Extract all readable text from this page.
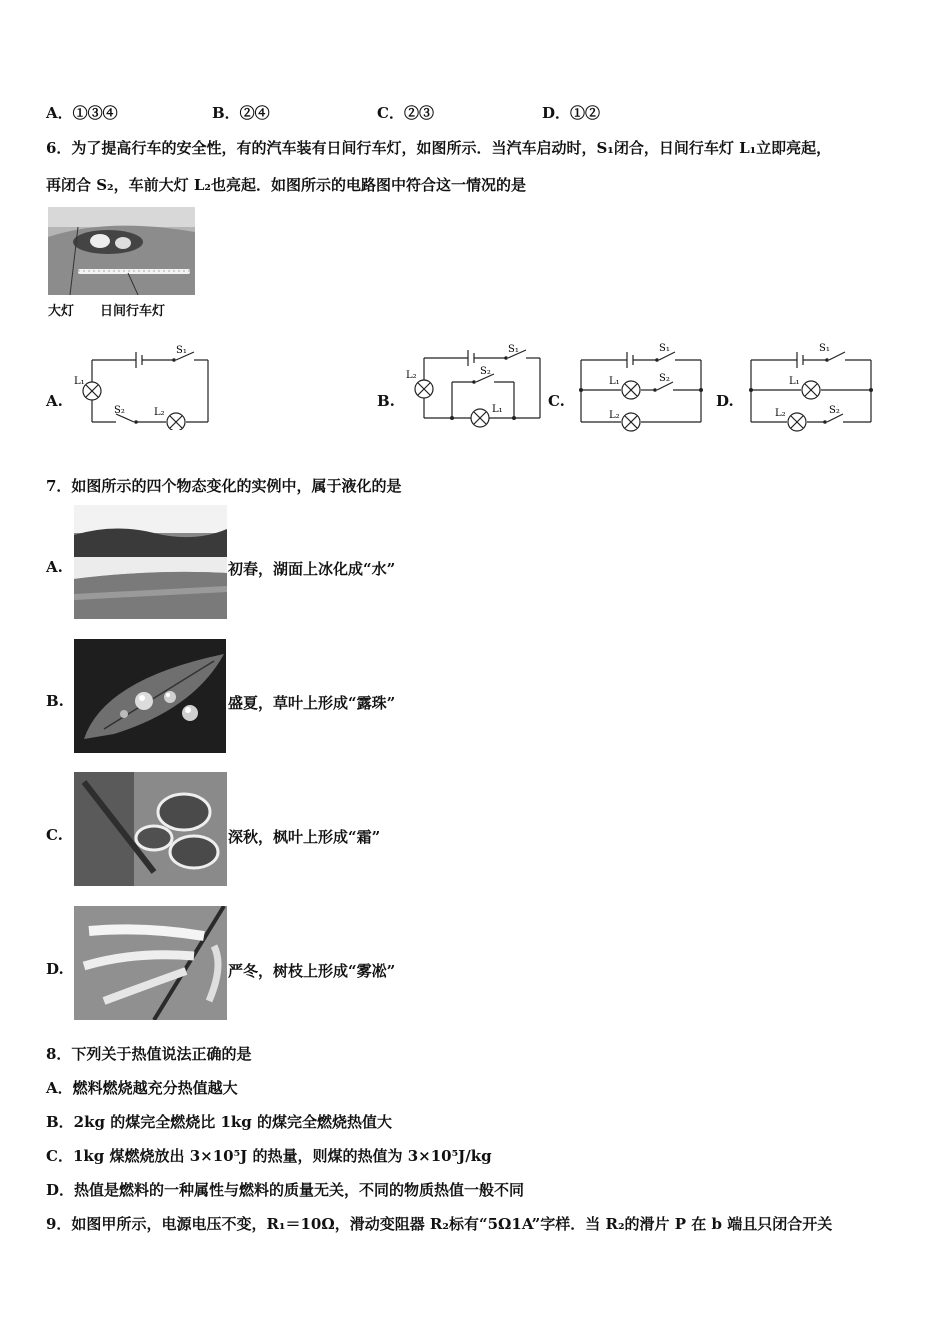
A．①③④	B．②④	C．②③	D．①②
6．为了提高行车的安全性，有的汽车装有日间行车灯，如图所示．当汽车启动时，S₁闭合，日间行车灯 L₁立即亮起，
再闭合 S₂，车前大灯 L₂也亮起．如图所示的电路图中符合这一情况的是
大灯 日间行车灯
A.	B.	C.	D.
S₁
S₂
L₁
L₂
S₁
S₂
L₂
L₁
S₁
S₂
L₁
L₂
S₁
S₂
L₁
L₂
7．如图所示的四个物态变化的实例中，属于液化的是
A.	初春，湖面上冰化成“水”
B.	盛夏，草叶上形成“露珠”
C.	深秋，枫叶上形成“霜”
D.	严冬，树枝上形成“雾凇”
8．下列关于热值说法正确的是
A．燃料燃烧越充分热值越大
B．2kg 的煤完全燃烧比 1kg 的煤完全燃烧热值大
C．1kg 煤燃烧放出 3×10⁵J 的热量，则煤的热值为 3×10⁵J/kg
D．热值是燃料的一种属性与燃料的质量无关，不同的物质热值一般不同
9．如图甲所示，电源电压不变，R₁＝10Ω，滑动变阻器 R₂标有“5Ω1A”字样．当 R₂的滑片 P 在 b 端且只闭合开关
